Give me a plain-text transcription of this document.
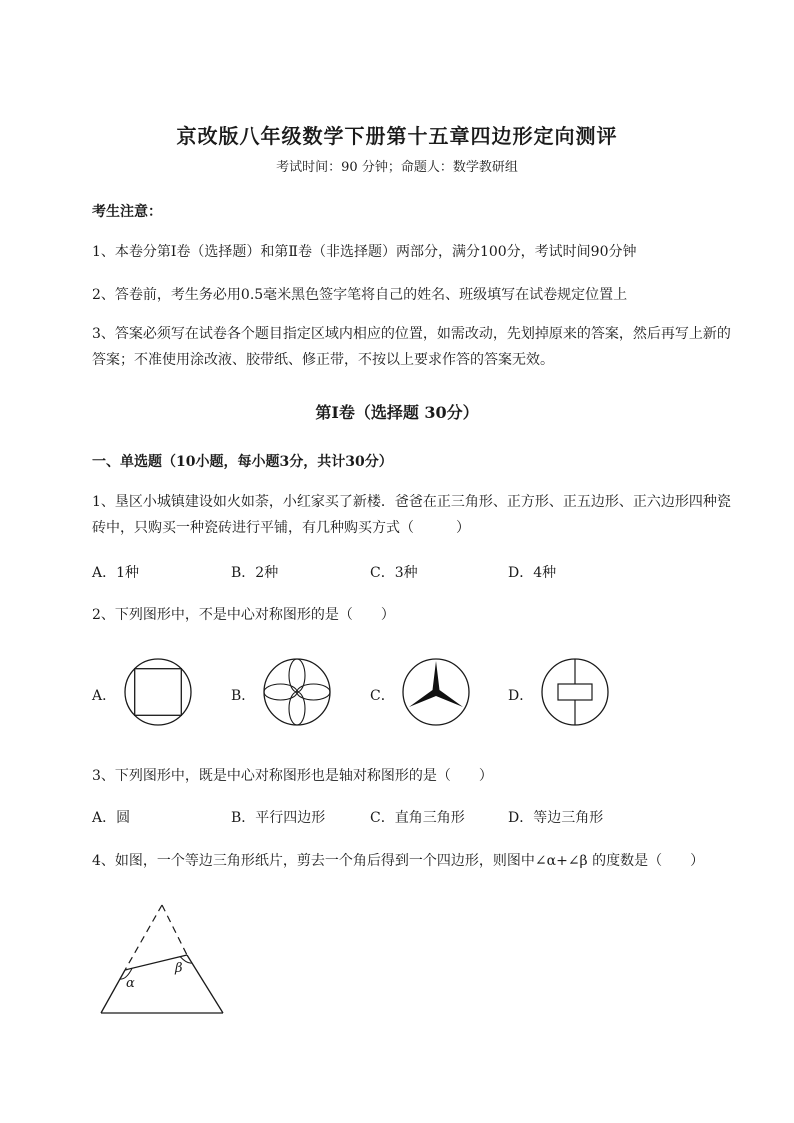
京改版八年级数学下册第十五章四边形定向测评
考试时间：90 分钟；命题人：数学教研组
考生注意：
1、本卷分第Ⅰ卷（选择题）和第Ⅱ卷（非选择题）两部分，满分100分，考试时间90分钟
2、答卷前，考生务必用0.5毫米黑色签字笔将自己的姓名、班级填写在试卷规定位置上
3、答案必须写在试卷各个题目指定区域内相应的位置，如需改动，先划掉原来的答案，然后再写上新的答案；不准使用涂改液、胶带纸、修正带，不按以上要求作答的答案无效。
第Ⅰ卷（选择题 30分）
一、单选题（10小题，每小题3分，共计30分）
1、垦区小城镇建设如火如荼，小红家买了新楼．爸爸在正三角形、正方形、正五边形、正六边形四种瓷砖中，只购买一种瓷砖进行平铺，有几种购买方式（　　　）
A．1种	B．2种	C．3种	D．4种
2、下列图形中，不是中心对称图形的是（　　）
A．	B．	C．	D．
3、下列图形中，既是中心对称图形也是轴对称图形的是（　　）
A．圆	B．平行四边形	C．直角三角形	D．等边三角形
4、如图，一个等边三角形纸片，剪去一个角后得到一个四边形，则图中∠α+∠β 的度数是（　　）
α
β
